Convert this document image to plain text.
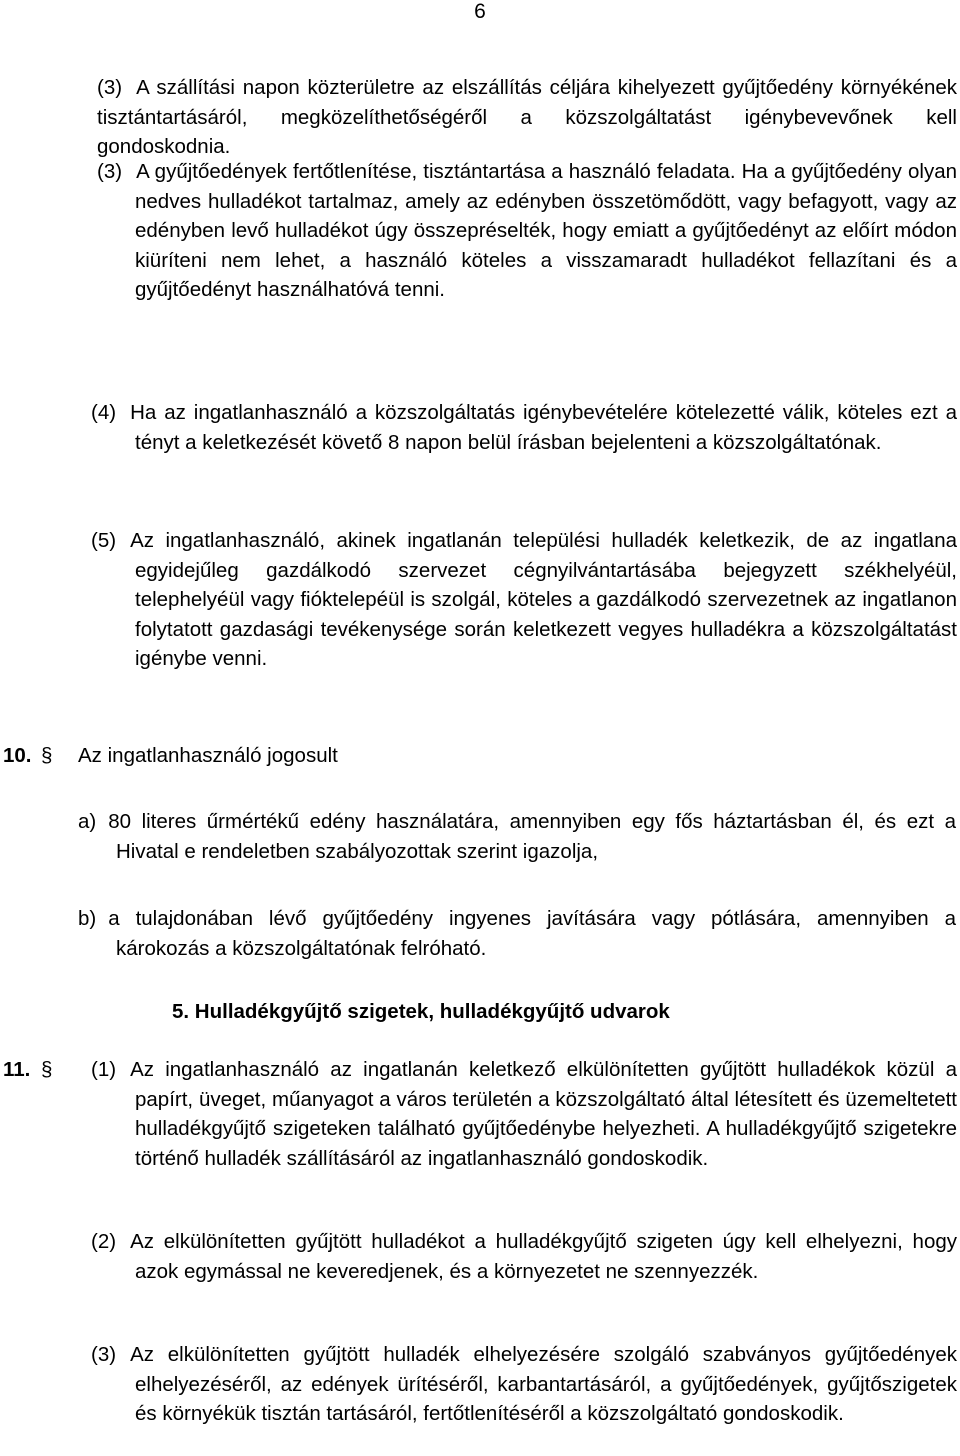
6
(3) A szállítási napon közterületre az elszállítás céljára kihelyezett gyűjtőedény környékének tisztántartásáról, megközelíthetőségéről a közszolgáltatást igénybevevőnek kell gondoskodnia.
(3) A gyűjtőedények fertőtlenítése, tisztántartása a használó feladata. Ha a gyűjtőedény olyan nedves hulladékot tartalmaz, amely az edényben összetömődött, vagy befagyott, vagy az edényben levő hulladékot úgy összepréselték, hogy emiatt a gyűjtőedényt az előírt módon kiüríteni nem lehet, a használó köteles a visszamaradt hulladékot fellazítani és a gyűjtőedényt használhatóvá tenni.
(4) Ha az ingatlanhasználó a közszolgáltatás igénybevételére kötelezetté válik, köteles ezt a tényt a keletkezését követő 8 napon belül írásban bejelenteni a közszolgáltatónak.
(5) Az ingatlanhasználó, akinek ingatlanán települési hulladék keletkezik, de az ingatlana egyidejűleg gazdálkodó szervezet cégnyilvántartásába bejegyzett székhelyéül, telephelyéül vagy fióktelepéül is szolgál, köteles a gazdálkodó szervezetnek az ingatlanon folytatott gazdasági tevékenysége során keletkezett vegyes hulladékra a közszolgáltatást igénybe venni.
10. § Az ingatlanhasználó jogosult
a) 80 literes űrmértékű edény használatára, amennyiben egy fős háztartásban él, és ezt a Hivatal e rendeletben szabályozottak szerint igazolja,
b) a tulajdonában lévő gyűjtőedény ingyenes javítására vagy pótlására, amennyiben a károkozás a közszolgáltatónak felróható.
5. Hulladékgyűjtő szigetek, hulladékgyűjtő udvarok
11. § (1) Az ingatlanhasználó az ingatlanán keletkező elkülönítetten gyűjtött hulladékok közül a papírt, üveget, műanyagot a város területén a közszolgáltató által létesített és üzemeltetett hulladékgyűjtő szigeteken található gyűjtőedénybe helyezheti. A hulladékgyűjtő szigetekre történő hulladék szállításáról az ingatlanhasználó gondoskodik.
(2) Az elkülönítetten gyűjtött hulladékot a hulladékgyűjtő szigeten úgy kell elhelyezni, hogy azok egymással ne keveredjenek, és a környezetet ne szennyezzék.
(3) Az elkülönítetten gyűjtött hulladék elhelyezésére szolgáló szabványos gyűjtőedények elhelyezéséről, az edények ürítéséről, karbantartásáról, a gyűjtőedények, gyűjtőszigetek és környékük tisztán tartásáról, fertőtlenítéséről a közszolgáltató gondoskodik.
